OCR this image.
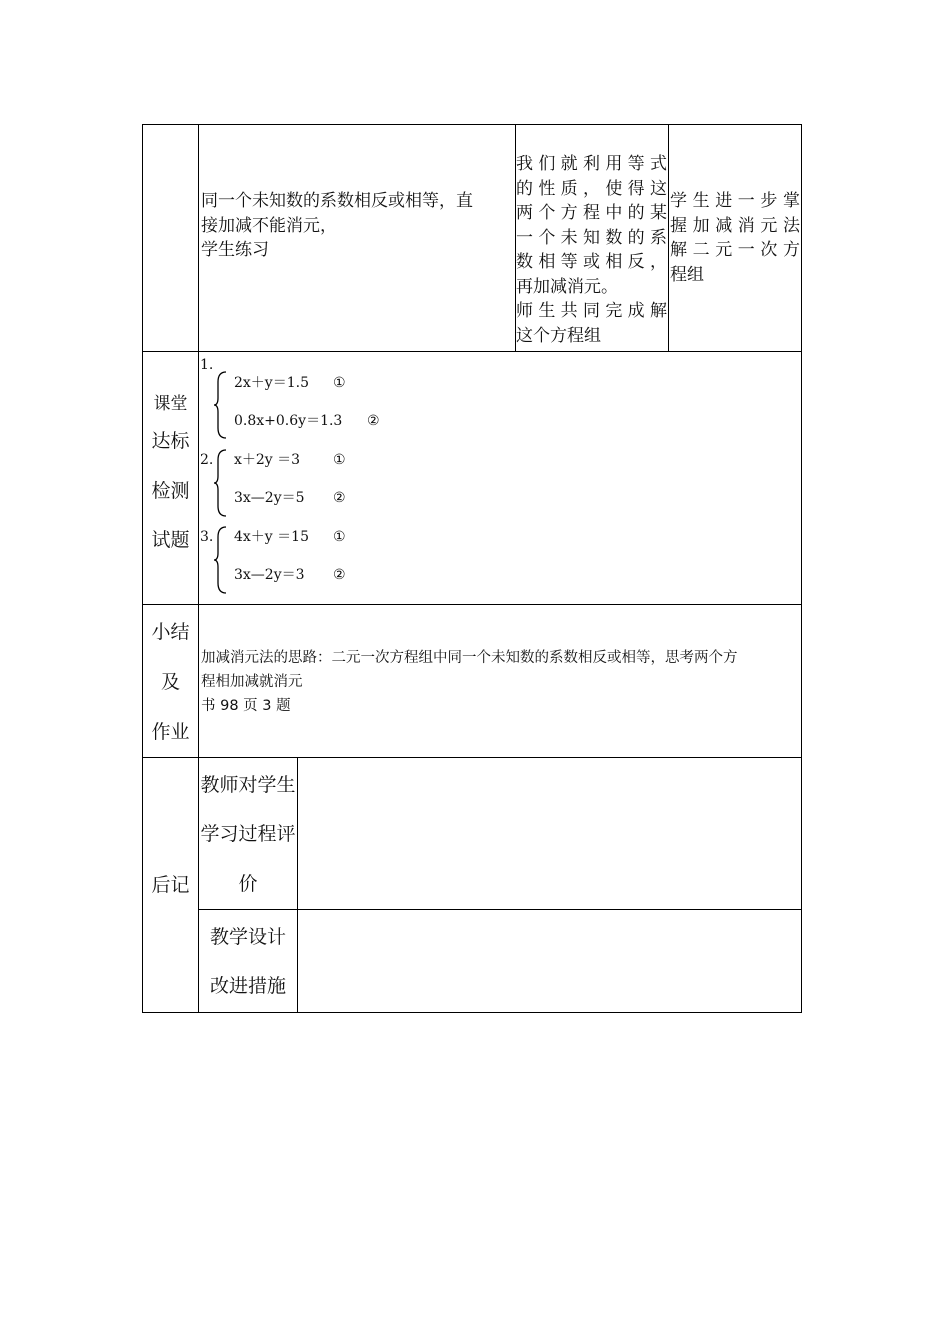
同一个未知数的系数相反或相等，直
接加减不能消元，
学生练习
我们就利用等式
的性质，使得这
两个方程中的某
一个未知数的系
数相等或相反，
再加减消元。
师生共同完成解
这个方程组
学生进一步掌
握加减消元法
解二元一次方
程组
课堂
达标
检测
试题
1.
2x＋y＝1.5 ①
0.8x+0.6y＝1.3 ②
2. x＋2y ＝3 ①
3x—2y＝5 ②
3. 4x＋y ＝15 ①
3x—2y＝3 ②
小结
及
作业
加减消元法的思路：二元一次方程组中同一个未知数的系数相反或相等，思考两个方
程相加减就消元
书 98 页 3 题
后记
教师对学生
学习过程评
价
教学设计
改进措施
